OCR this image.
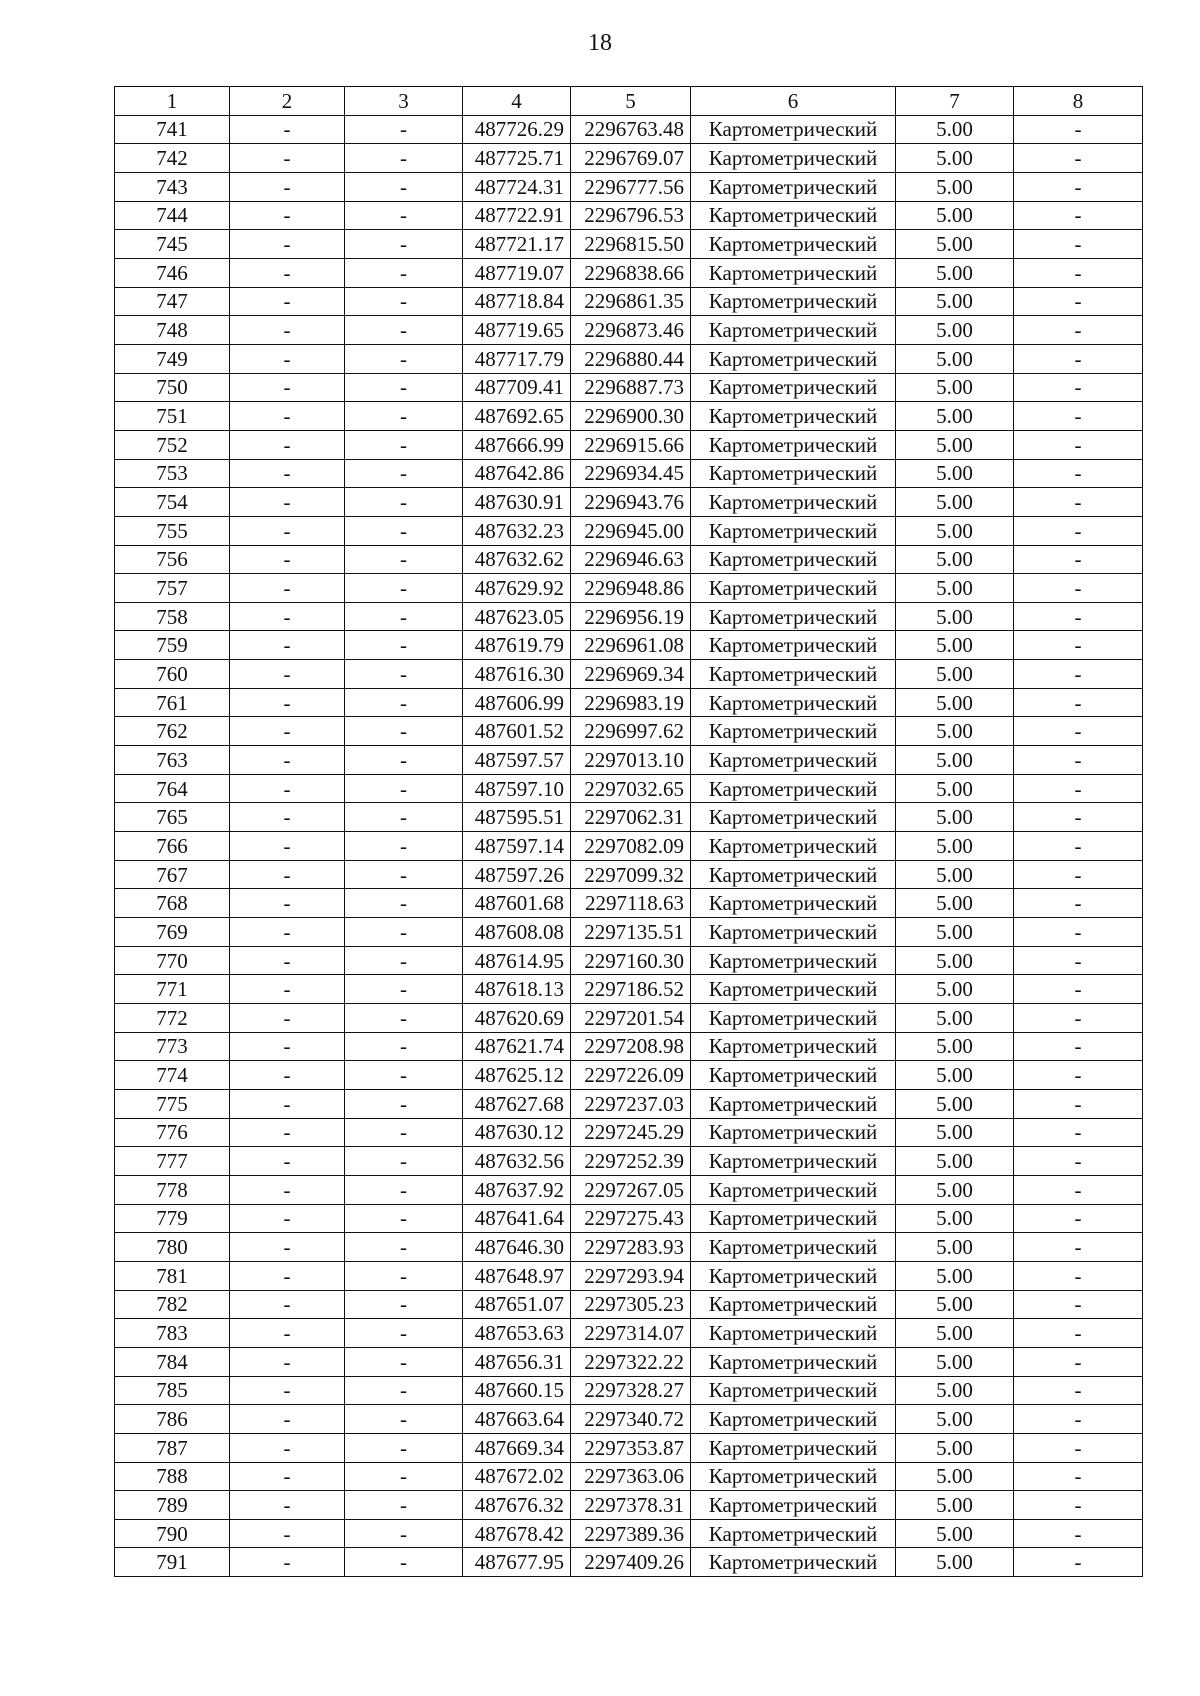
18
1	2	3	4	5	6	7	8
741	-	-	487726.29	2296763.48	Картометрический	5.00	-
742	-	-	487725.71	2296769.07	Картометрический	5.00	-
743	-	-	487724.31	2296777.56	Картометрический	5.00	-
744	-	-	487722.91	2296796.53	Картометрический	5.00	-
745	-	-	487721.17	2296815.50	Картометрический	5.00	-
746	-	-	487719.07	2296838.66	Картометрический	5.00	-
747	-	-	487718.84	2296861.35	Картометрический	5.00	-
748	-	-	487719.65	2296873.46	Картометрический	5.00	-
749	-	-	487717.79	2296880.44	Картометрический	5.00	-
750	-	-	487709.41	2296887.73	Картометрический	5.00	-
751	-	-	487692.65	2296900.30	Картометрический	5.00	-
752	-	-	487666.99	2296915.66	Картометрический	5.00	-
753	-	-	487642.86	2296934.45	Картометрический	5.00	-
754	-	-	487630.91	2296943.76	Картометрический	5.00	-
755	-	-	487632.23	2296945.00	Картометрический	5.00	-
756	-	-	487632.62	2296946.63	Картометрический	5.00	-
757	-	-	487629.92	2296948.86	Картометрический	5.00	-
758	-	-	487623.05	2296956.19	Картометрический	5.00	-
759	-	-	487619.79	2296961.08	Картометрический	5.00	-
760	-	-	487616.30	2296969.34	Картометрический	5.00	-
761	-	-	487606.99	2296983.19	Картометрический	5.00	-
762	-	-	487601.52	2296997.62	Картометрический	5.00	-
763	-	-	487597.57	2297013.10	Картометрический	5.00	-
764	-	-	487597.10	2297032.65	Картометрический	5.00	-
765	-	-	487595.51	2297062.31	Картометрический	5.00	-
766	-	-	487597.14	2297082.09	Картометрический	5.00	-
767	-	-	487597.26	2297099.32	Картометрический	5.00	-
768	-	-	487601.68	2297118.63	Картометрический	5.00	-
769	-	-	487608.08	2297135.51	Картометрический	5.00	-
770	-	-	487614.95	2297160.30	Картометрический	5.00	-
771	-	-	487618.13	2297186.52	Картометрический	5.00	-
772	-	-	487620.69	2297201.54	Картометрический	5.00	-
773	-	-	487621.74	2297208.98	Картометрический	5.00	-
774	-	-	487625.12	2297226.09	Картометрический	5.00	-
775	-	-	487627.68	2297237.03	Картометрический	5.00	-
776	-	-	487630.12	2297245.29	Картометрический	5.00	-
777	-	-	487632.56	2297252.39	Картометрический	5.00	-
778	-	-	487637.92	2297267.05	Картометрический	5.00	-
779	-	-	487641.64	2297275.43	Картометрический	5.00	-
780	-	-	487646.30	2297283.93	Картометрический	5.00	-
781	-	-	487648.97	2297293.94	Картометрический	5.00	-
782	-	-	487651.07	2297305.23	Картометрический	5.00	-
783	-	-	487653.63	2297314.07	Картометрический	5.00	-
784	-	-	487656.31	2297322.22	Картометрический	5.00	-
785	-	-	487660.15	2297328.27	Картометрический	5.00	-
786	-	-	487663.64	2297340.72	Картометрический	5.00	-
787	-	-	487669.34	2297353.87	Картометрический	5.00	-
788	-	-	487672.02	2297363.06	Картометрический	5.00	-
789	-	-	487676.32	2297378.31	Картометрический	5.00	-
790	-	-	487678.42	2297389.36	Картометрический	5.00	-
791	-	-	487677.95	2297409.26	Картометрический	5.00	-
